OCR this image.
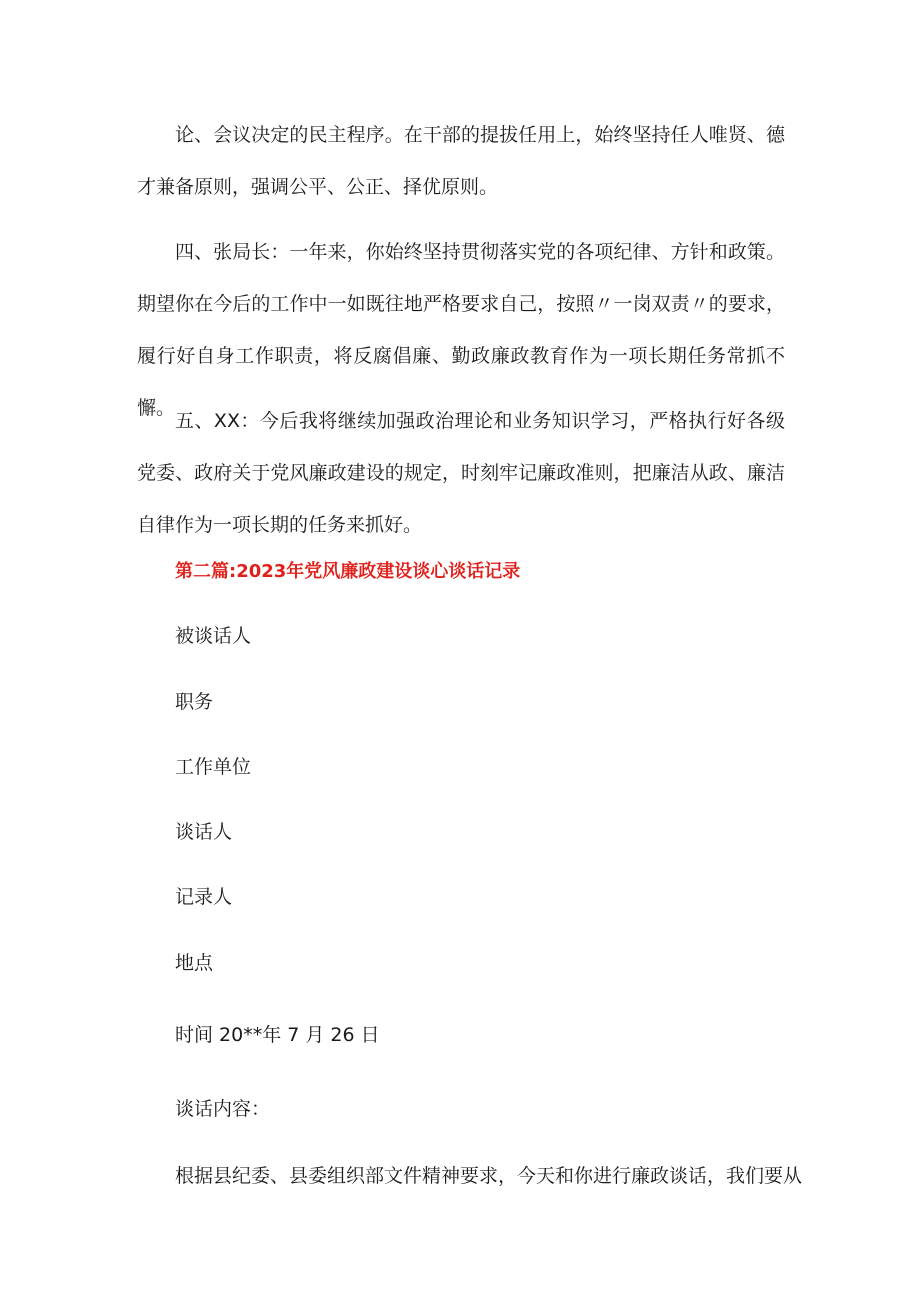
论、会议决定的民主程序。在干部的提拔任用上，始终坚持任人唯贤、德才兼备原则，强调公平、公正、择优原则。

四、张局长：一年来，你始终坚持贯彻落实党的各项纪律、方针和政策。期望你在今后的工作中一如既往地严格要求自己，按照〃一岗双责〃的要求，履行好自身工作职责，将反腐倡廉、勤政廉政教育作为一项长期任务常抓不懈。

五、XX：今后我将继续加强政治理论和业务知识学习，严格执行好各级党委、政府关于党风廉政建设的规定，时刻牢记廉政准则，把廉洁从政、廉洁自律作为一项长期的任务来抓好。

第二篇:2023年党风廉政建设谈心谈话记录

被谈话人

职务

工作单位

谈话人

记录人

地点

时间 20**年 7 月 26 日

谈话内容：

根据县纪委、县委组织部文件精神要求，今天和你进行廉政谈话，我们要从
